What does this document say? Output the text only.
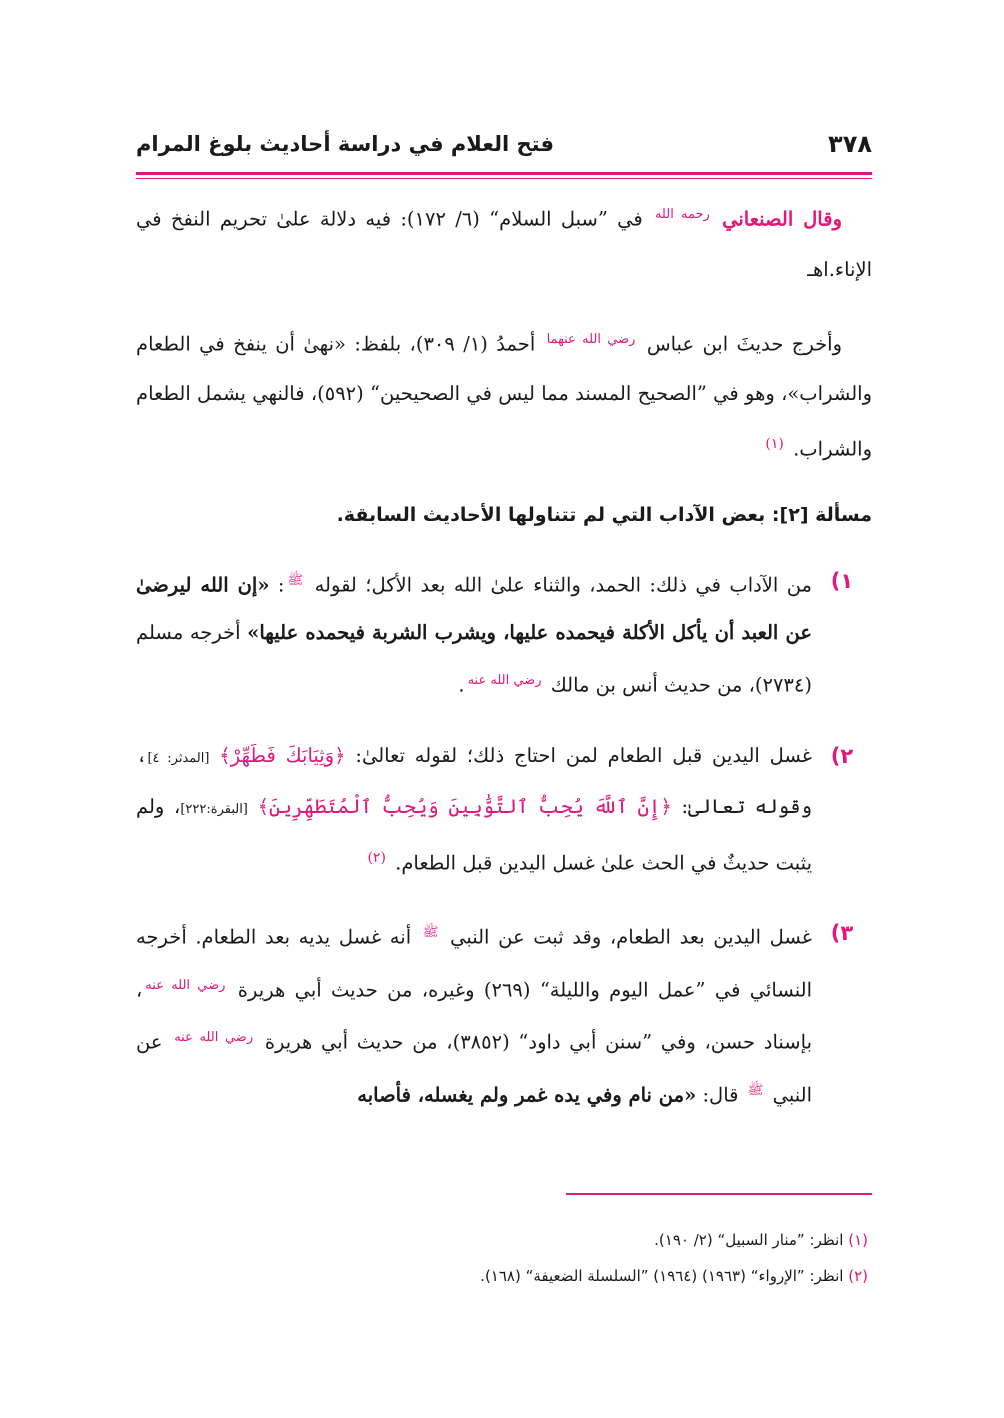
٣٧٨
فتح العلام في دراسة أحاديث بلوغ المرام

وقال الصنعاني $^{رحمه الله}$ في ”سبل السلام“ (٦/ ١٧٢): فيه دلالة علىٰ تحريم النفخ في الإناء.اهـ

وأخرج حديثَ ابن عباس $^{رضي الله عنهما}$ أحمدُ (١/ ٣٠٩)، بلفظ: «نهىٰ أن ينفخ في الطعام والشراب»، وهو في ”الصحيح المسند مما ليس في الصحيحين“ (٥٩٢)، فالنهي يشمل الطعام والشراب. $^{(١)}$

مسألة [٢]: بعض الآداب التي لم تتناولها الأحاديث السابقة.

١)
من الآداب في ذلك: الحمد، والثناء علىٰ الله بعد الأكل؛ لقوله $^ﷺ$: «إن الله ليرضىٰ عن العبد أن يأكل الأكلة فيحمده عليها، ويشرب الشربة فيحمده عليها» أخرجه مسلم (٢٧٣٤)، من حديث أنس بن مالك $^{رضي الله عنه}$.
٢)
غسل اليدين قبل الطعام لمن احتاج ذلك؛ لقوله تعالىٰ: ﴿وَثِيَابَكَ فَطَهِّرْ﴾ [المدثر: ٤]، وقوله تعالىٰ: ﴿إِنَّ ٱللَّهَ يُحِبُّ ٱلتَّوَّٰبِينَ وَيُحِبُّ ٱلْمُتَطَهِّرِينَ﴾ [البقرة:٢٢٢]، ولم يثبت حديثٌ في الحث علىٰ غسل اليدين قبل الطعام. $^{(٢)}$
٣)
غسل اليدين بعد الطعام، وقد ثبت عن النبي $^ﷺ$ أنه غسل يديه بعد الطعام. أخرجه النسائي في ”عمل اليوم والليلة“ (٢٦٩) وغيره، من حديث أبي هريرة $^{رضي الله عنه}$، بإسناد حسن، وفي ”سنن أبي داود“ (٣٨٥٢)، من حديث أبي هريرة $^{رضي الله عنه}$ عن النبي $^ﷺ$ قال: «من نام وفي يده غمر ولم يغسله، فأصابه
(١) انظر: ”منار السبيل“ (٢/ ١٩٠).
(٢) انظر: ”الإرواء“ (١٩٦٣) (١٩٦٤) ”السلسلة الضعيفة“ (١٦٨).
